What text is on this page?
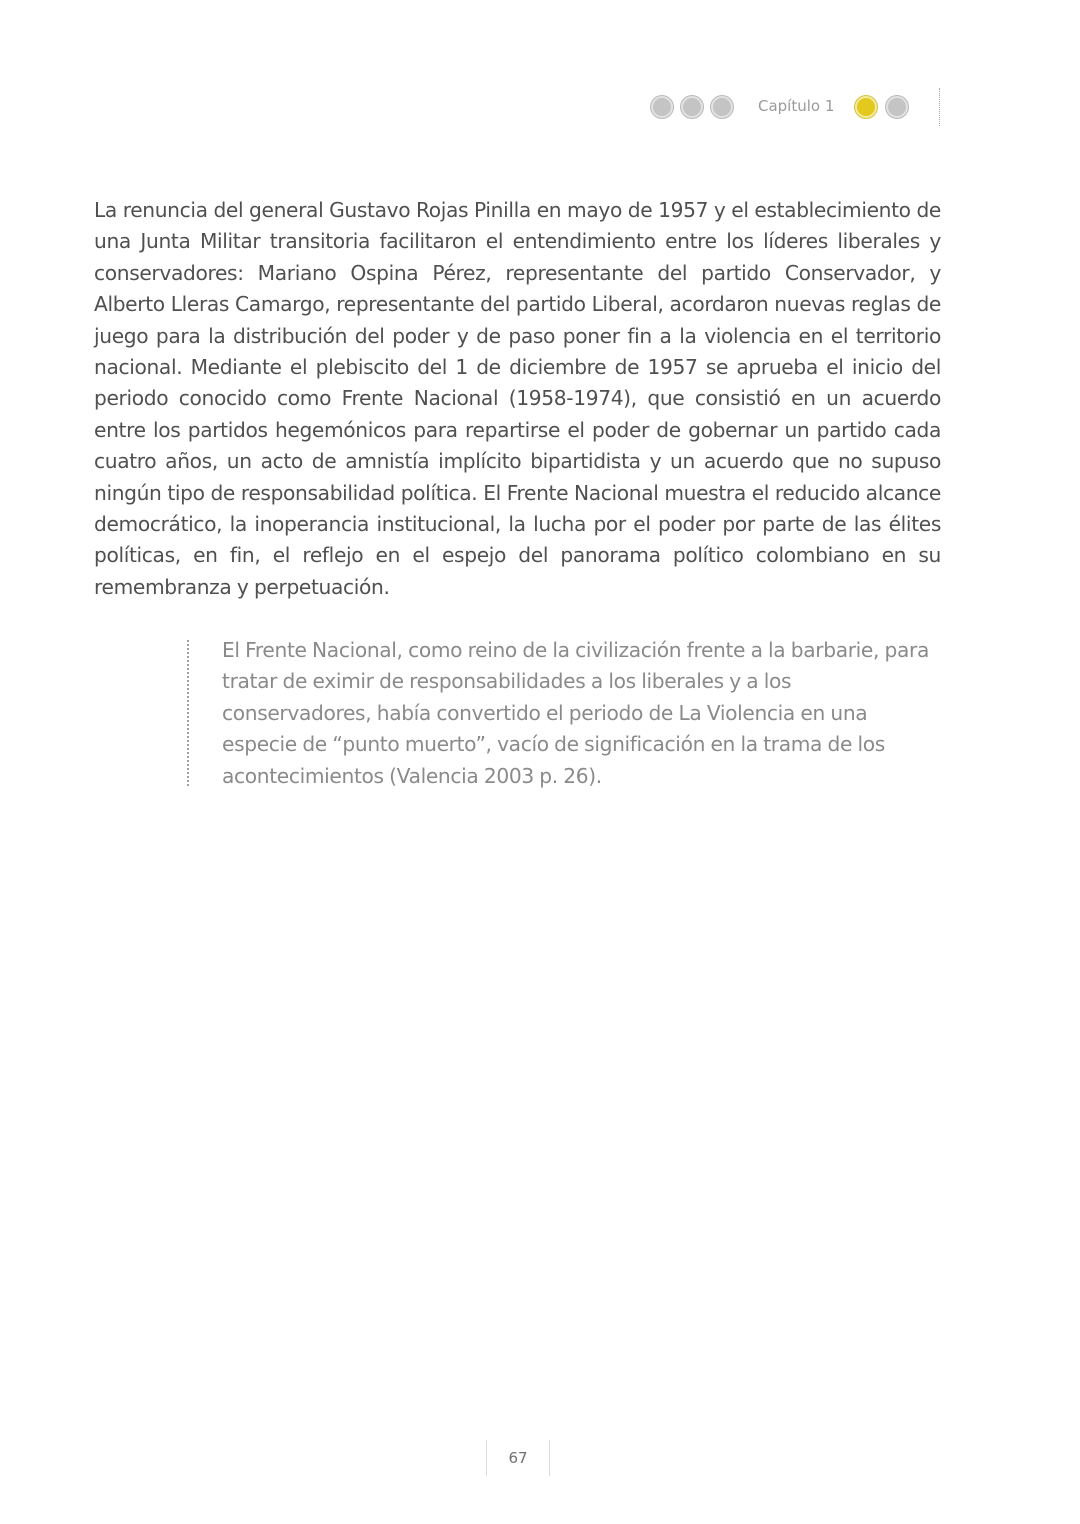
Capítulo 1

La renuncia del general Gustavo Rojas Pinilla en mayo de 1957 y el establecimiento de una Junta Militar transitoria facilitaron el entendimiento entre los líderes liberales y conservadores: Mariano Ospina Pérez, representante del partido Conservador, y Alberto Lleras Camargo, representante del partido Liberal, acordaron nuevas reglas de juego para la distribución del poder y de paso poner fin a la violencia en el territorio nacional. Mediante el plebiscito del 1 de diciembre de 1957 se aprueba el inicio del periodo conocido como Frente Nacional (1958-1974), que consistió en un acuerdo entre los partidos hegemónicos para repartirse el poder de gobernar un partido cada cuatro años, un acto de amnistía implícito bipartidista y un acuerdo que no supuso ningún tipo de responsabilidad política. El Frente Nacional muestra el reducido alcance democrático, la inoperancia institucional, la lucha por el poder por parte de las élites políticas, en fin, el reflejo en el espejo del panorama político colombiano en su remembranza y perpetuación.

El Frente Nacional, como reino de la civilización frente a la barbarie, para tratar de eximir de responsabilidades a los liberales y a los conservadores, había convertido el periodo de La Violencia en una especie de “punto muerto”, vacío de significación en la trama de los acontecimientos (Valencia 2003 p. 26).

67
